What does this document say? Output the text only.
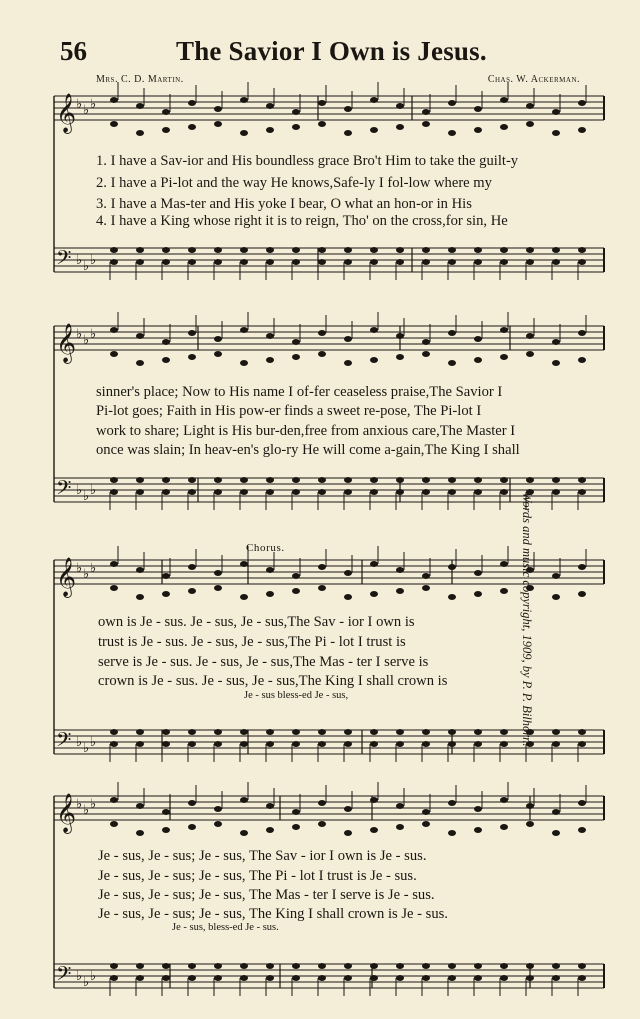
56	The Savior I Own is Jesus.
Mrs. C. D. Martin.	Chas. W. Ackerman.
𝄞 ♭ ♭ ♭
𝄢 ♭ ♭ ♭
𝄞 ♭ ♭ ♭
𝄢 ♭ ♭ ♭
𝄞 ♭ ♭ ♭
𝄢 ♭ ♭ ♭
𝄞 ♭ ♭ ♭
𝄢 ♭ ♭ ♭
1. I have a Sav-ior and His boundless grace Bro't Him to take the guilt-y
2. I have a Pi-lot and the way He knows,Safe-ly I fol-low where my
3. I have a Mas-ter and His yoke I bear, O what an hon-or in His
4. I have a King whose right it is to reign, Tho' on the cross,for sin, He
sinner's place; Now to His name I of-fer ceaseless praise,The Savior I
Pi-lot goes; Faith in His pow-er finds a sweet re-pose, The Pi-lot I
work to share; Light is His bur-den,free from anxious care,The Master I
once was slain; In heav-en's glo-ry He will come a-gain,The King I shall
Chorus.
own is Je - sus. Je - sus, Je - sus,The Sav - ior I own is
trust is Je - sus. Je - sus, Je - sus,The Pi - lot I trust is
serve is Je - sus. Je - sus, Je - sus,The Mas - ter I serve is
crown is Je - sus. Je - sus, Je - sus,The King I shall crown is
Je - sus bless-ed Je - sus,
Je - sus, Je - sus; Je - sus, The Sav - ior I own is Je - sus.
Je - sus, Je - sus; Je - sus, The Pi - lot I trust is Je - sus.
Je - sus, Je - sus; Je - sus, The Mas - ter I serve is Je - sus.
Je - sus, Je - sus; Je - sus, The King I shall crown is Je - sus.
Je - sus, bless-ed Je - sus.
Words and music copyright, 1909, by P. P. Bilhorn.
